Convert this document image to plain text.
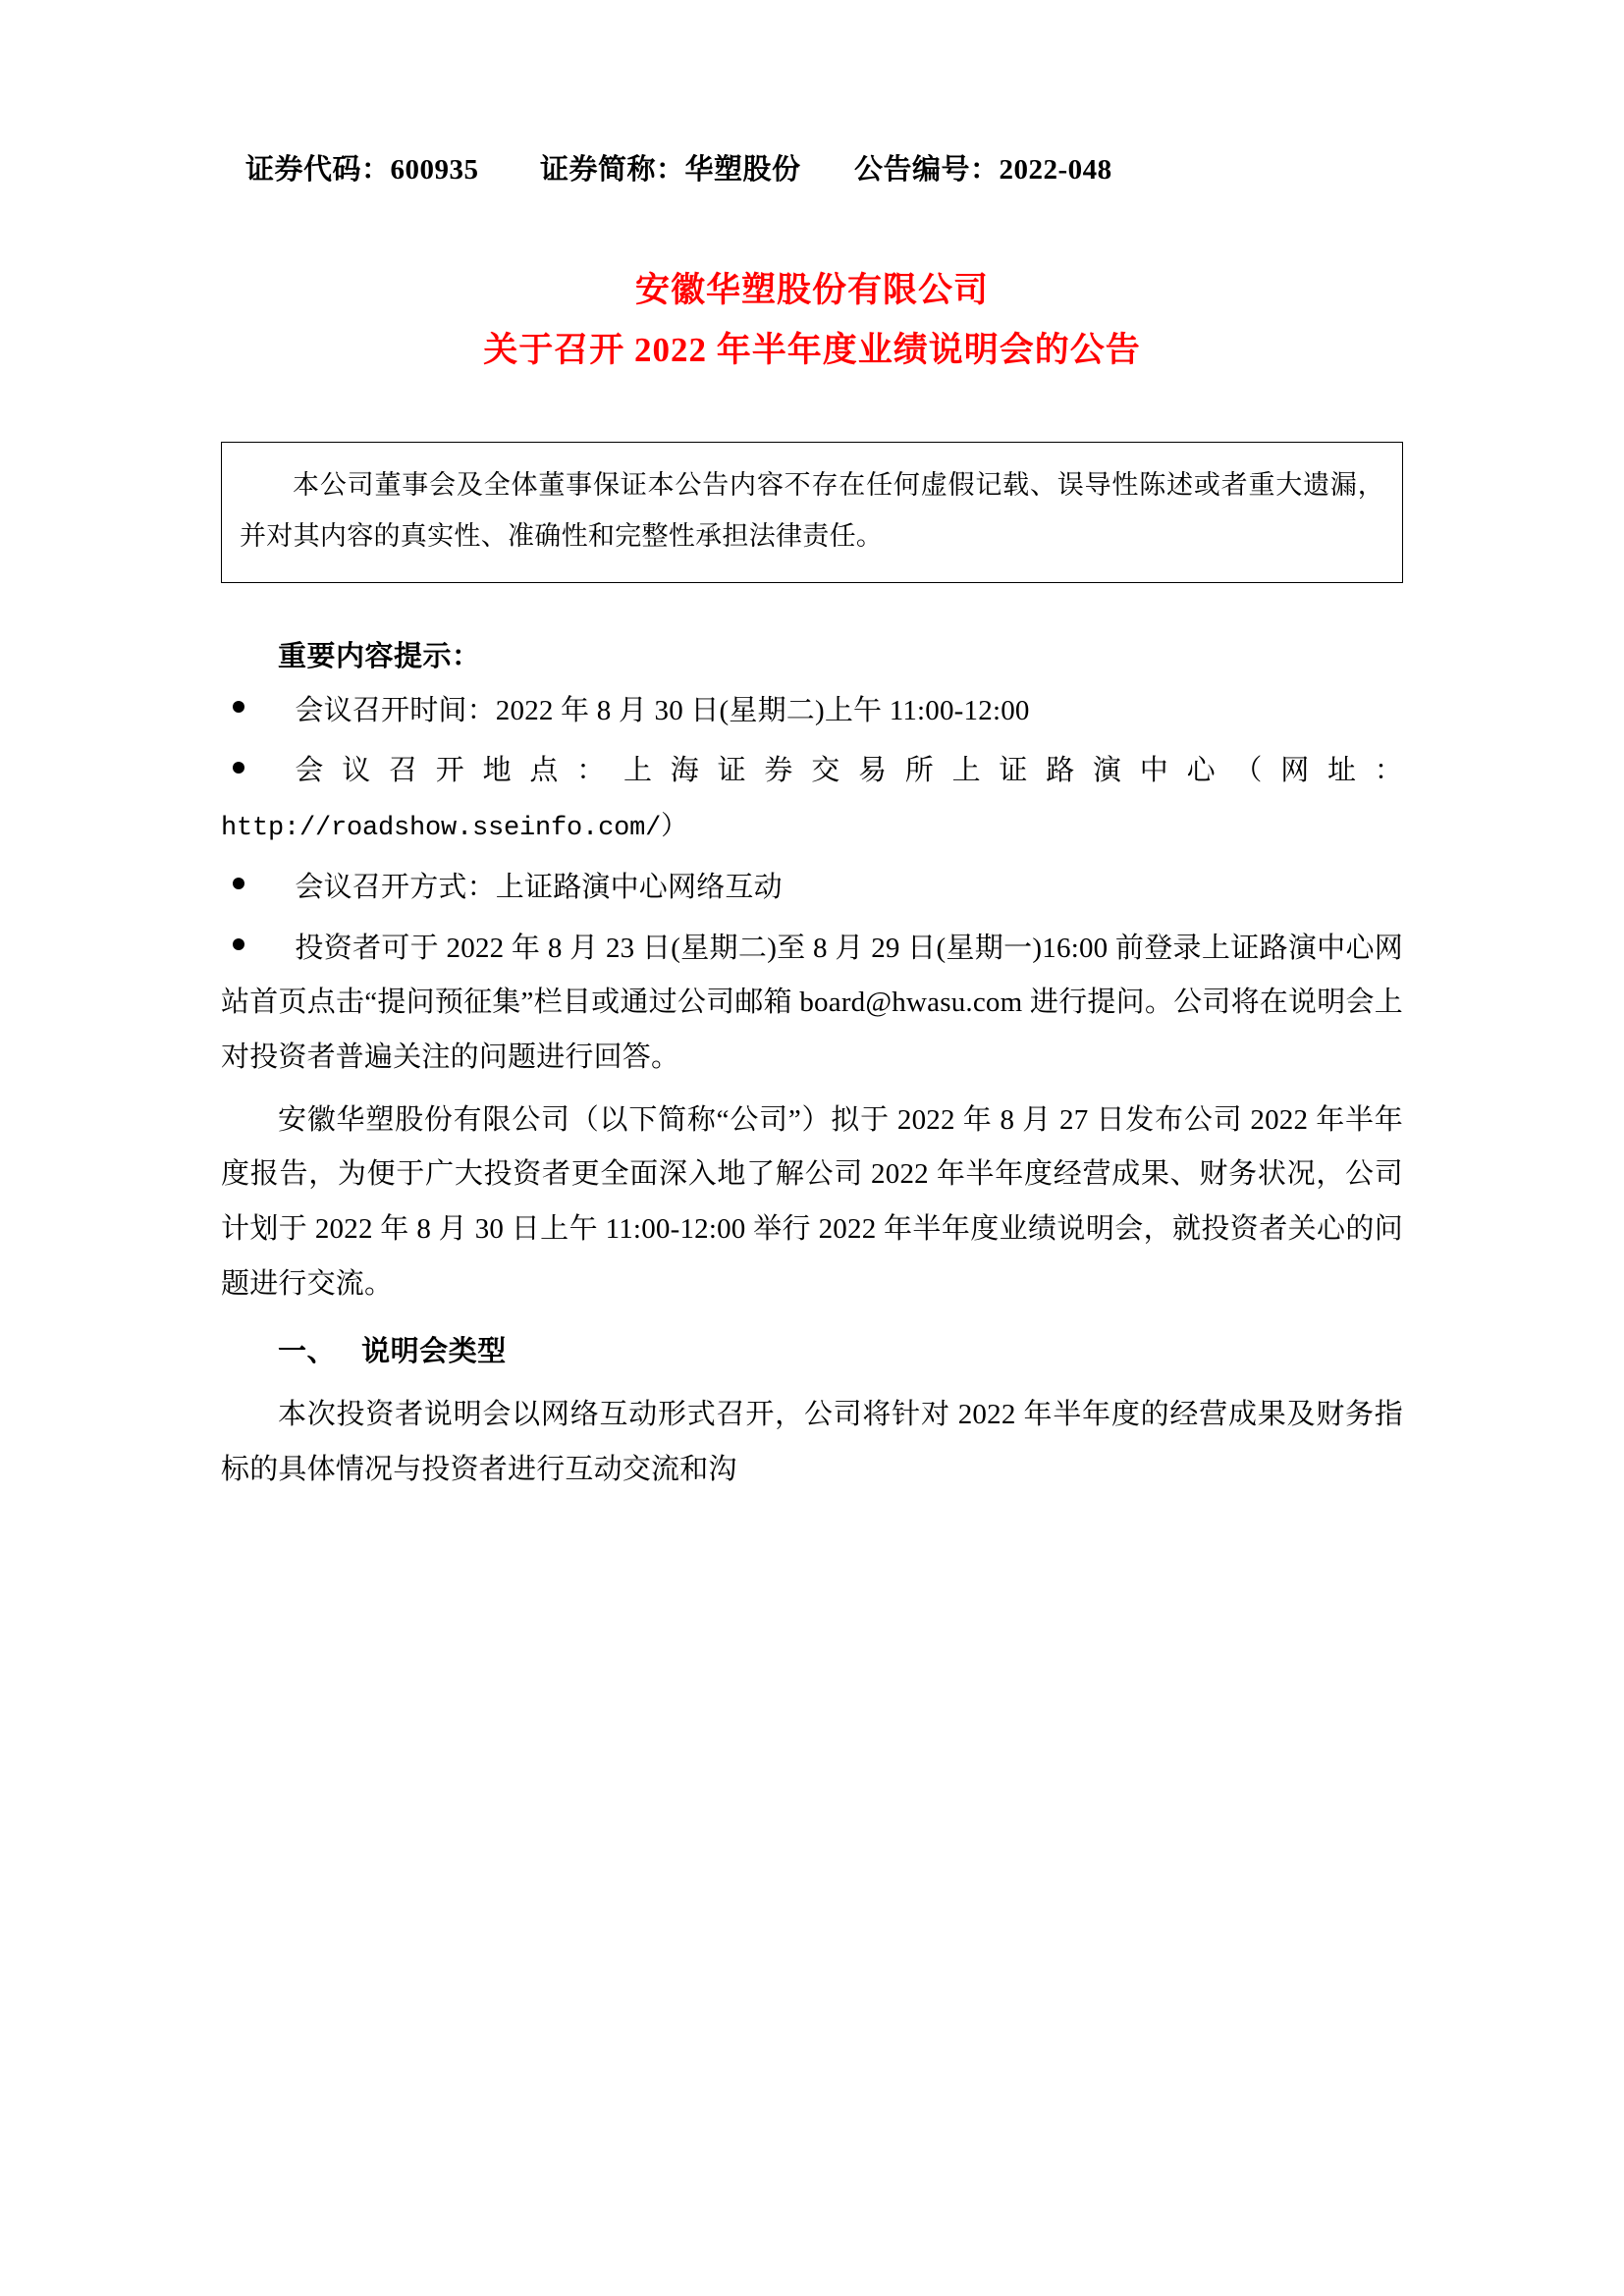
证券代码：600935	证券简称：华塑股份	公告编号：2022-048
安徽华塑股份有限公司
关于召开 2022 年半年度业绩说明会的公告

本公司董事会及全体董事保证本公告内容不存在任何虚假记载、误导性陈述或者重大遗漏，并对其内容的真实性、准确性和完整性承担法律责任。

重要内容提示：
会议召开时间：2022 年 8 月 30 日(星期二)上午 11:00-12:00
会议召开地点：上海证券交易所上证路演中心（网址：http://roadshow.sseinfo.com/）
会议召开方式：上证路演中心网络互动
投资者可于 2022 年 8 月 23 日(星期二)至 8 月 29 日(星期一)16:00 前登录上证路演中心网站首页点击“提问预征集”栏目或通过公司邮箱 board@hwasu.com 进行提问。公司将在说明会上对投资者普遍关注的问题进行回答。

安徽华塑股份有限公司（以下简称“公司”）拟于 2022 年 8 月 27 日发布公司 2022 年半年度报告，为便于广大投资者更全面深入地了解公司 2022 年半年度经营成果、财务状况，公司计划于 2022 年 8 月 30 日上午 11:00-12:00 举行 2022 年半年度业绩说明会，就投资者关心的问题进行交流。

一、 说明会类型

本次投资者说明会以网络互动形式召开，公司将针对 2022 年半年度的经营成果及财务指标的具体情况与投资者进行互动交流和沟
